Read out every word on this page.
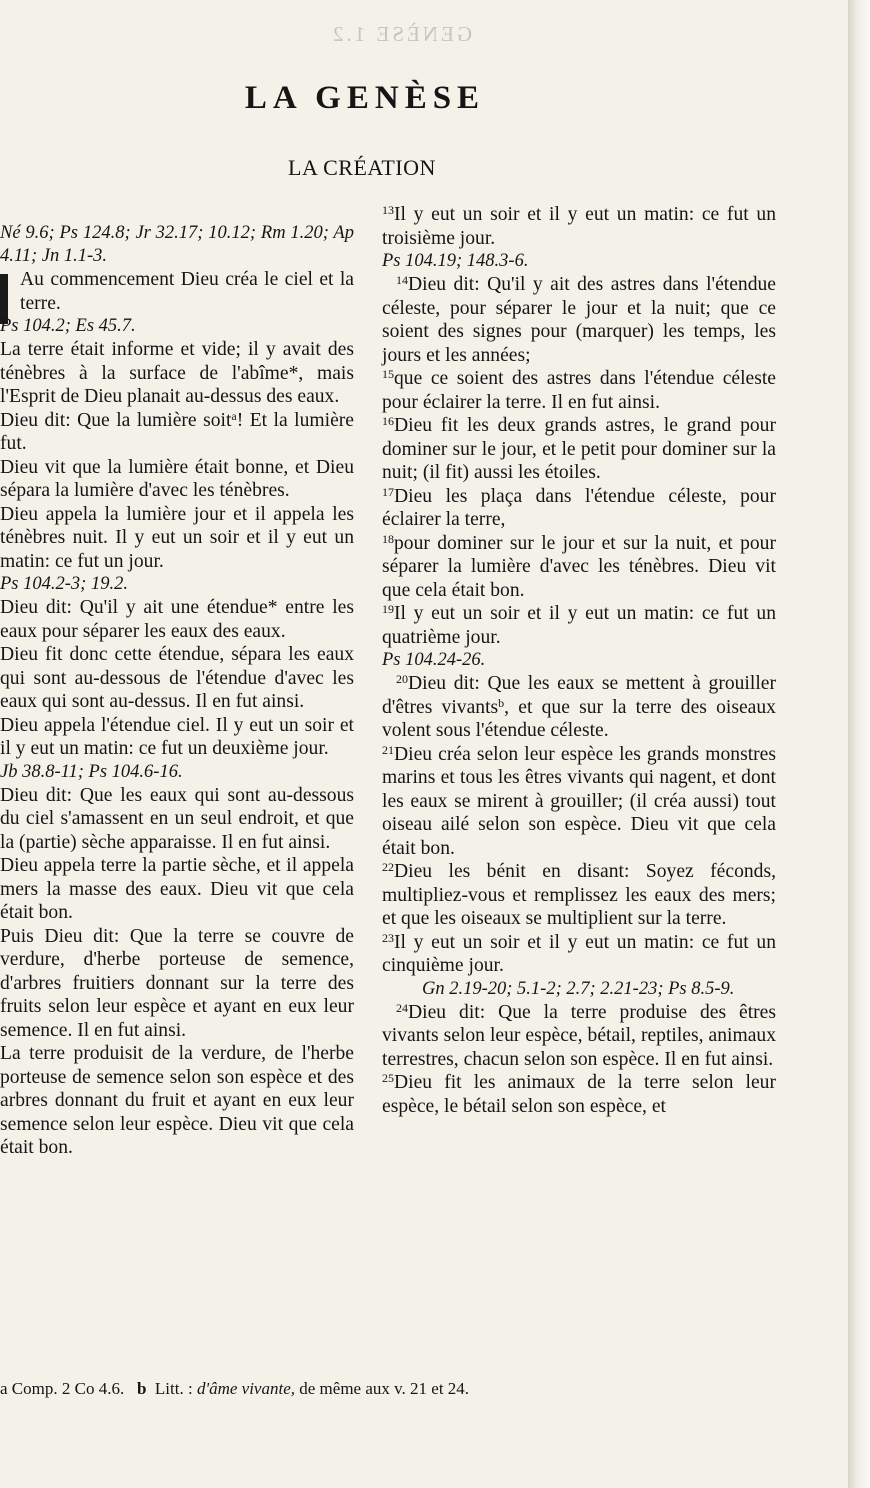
GENÈSE 1.2
LA GENÈSE
LA CRÉATION

Né 9.6; Ps 124.8; Jr 32.17; 10.12; Rm 1.20; Ap 4.11; Jn 1.1-3.

Au commencement Dieu créa le ciel et la terre.

Ps 104.2; Es 45.7.

La terre était informe et vide; il y avait des ténèbres à la surface de l'abîme*, mais l'Esprit de Dieu planait au-dessus des eaux.

Dieu dit: Que la lumière soit$^a$! Et la lumière fut.

Dieu vit que la lumière était bonne, et Dieu sépara la lumière d'avec les ténèbres.

Dieu appela la lumière jour et il appela les ténèbres nuit. Il y eut un soir et il y eut un matin: ce fut un jour.

Ps 104.2-3; 19.2.

Dieu dit: Qu'il y ait une étendue* entre les eaux pour séparer les eaux des eaux.

Dieu fit donc cette étendue, sépara les eaux qui sont au-dessous de l'étendue d'avec les eaux qui sont au-dessus. Il en fut ainsi.

Dieu appela l'étendue ciel. Il y eut un soir et il y eut un matin: ce fut un deuxième jour.

Jb 38.8-11; Ps 104.6-16.

Dieu dit: Que les eaux qui sont au-dessous du ciel s'amassent en un seul endroit, et que la (partie) sèche apparaisse. Il en fut ainsi.

Dieu appela terre la partie sèche, et il appela mers la masse des eaux. Dieu vit que cela était bon.

Puis Dieu dit: Que la terre se couvre de verdure, d'herbe porteuse de semence, d'arbres fruitiers donnant sur la terre des fruits selon leur espèce et ayant en eux leur semence. Il en fut ainsi.

La terre produisit de la verdure, de l'herbe porteuse de semence selon son espèce et des arbres donnant du fruit et ayant en eux leur semence selon leur espèce. Dieu vit que cela était bon.

$^{13}$Il y eut un soir et il y eut un matin: ce fut un troisième jour.

Ps 104.19; 148.3-6.

$^{14}$Dieu dit: Qu'il y ait des astres dans l'étendue céleste, pour séparer le jour et la nuit; que ce soient des signes pour (marquer) les temps, les jours et les années;

$^{15}$que ce soient des astres dans l'étendue céleste pour éclairer la terre. Il en fut ainsi.

$^{16}$Dieu fit les deux grands astres, le grand pour dominer sur le jour, et le petit pour dominer sur la nuit; (il fit) aussi les étoiles.

$^{17}$Dieu les plaça dans l'étendue céleste, pour éclairer la terre,

$^{18}$pour dominer sur le jour et sur la nuit, et pour séparer la lumière d'avec les ténèbres. Dieu vit que cela était bon.

$^{19}$Il y eut un soir et il y eut un matin: ce fut un quatrième jour.

Ps 104.24-26.

$^{20}$Dieu dit: Que les eaux se mettent à grouiller d'êtres vivants$^b$, et que sur la terre des oiseaux volent sous l'étendue céleste.

$^{21}$Dieu créa selon leur espèce les grands monstres marins et tous les êtres vivants qui nagent, et dont les eaux se mirent à grouiller; (il créa aussi) tout oiseau ailé selon son espèce. Dieu vit que cela était bon.

$^{22}$Dieu les bénit en disant: Soyez féconds, multipliez-vous et remplissez les eaux des mers; et que les oiseaux se multiplient sur la terre.

$^{23}$Il y eut un soir et il y eut un matin: ce fut un cinquième jour.

Gn 2.19-20; 5.1-2; 2.7; 2.21-23; Ps 8.5-9.

$^{24}$Dieu dit: Que la terre produise des êtres vivants selon leur espèce, bétail, reptiles, animaux terrestres, chacun selon son espèce. Il en fut ainsi.

$^{25}$Dieu fit les animaux de la terre selon leur espèce, le bétail selon son espèce, et

a Comp. 2 Co 4.6. b Litt. : d'âme vivante, de même aux v. 21 et 24.
